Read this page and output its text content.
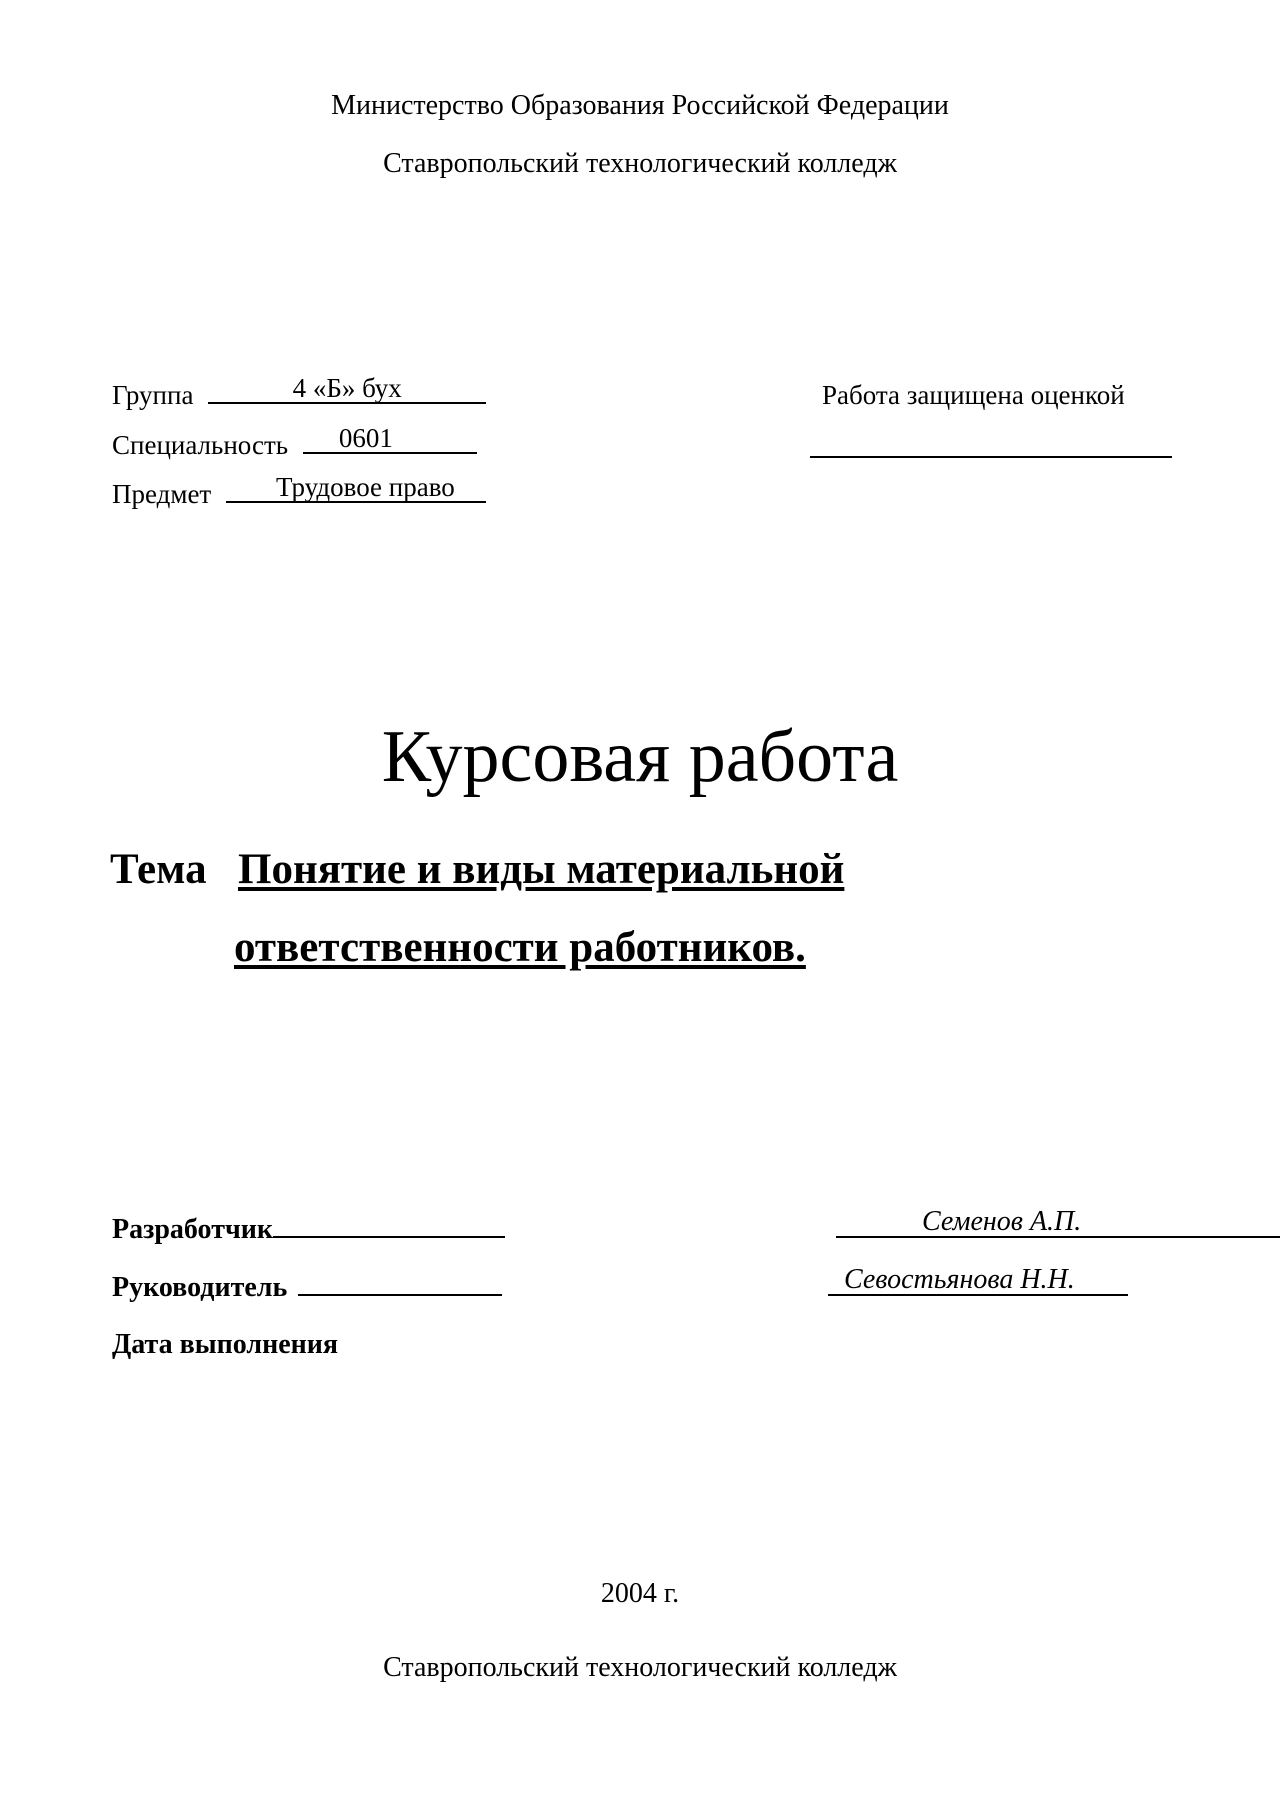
Министерство Образования Российской Федерации
Ставропольский технологический колледж
Группа	4 «Б» бух
Специальность	0601
Предмет	Трудовое право
Работа защищена оценкой
Курсовая работа
Тема Понятие и виды материальной
ответственности работников.
Разработчик	Семенов А.П.
Руководитель	Севостьянова Н.Н.
Дата выполнения
2004 г.
Ставропольский технологический колледж
